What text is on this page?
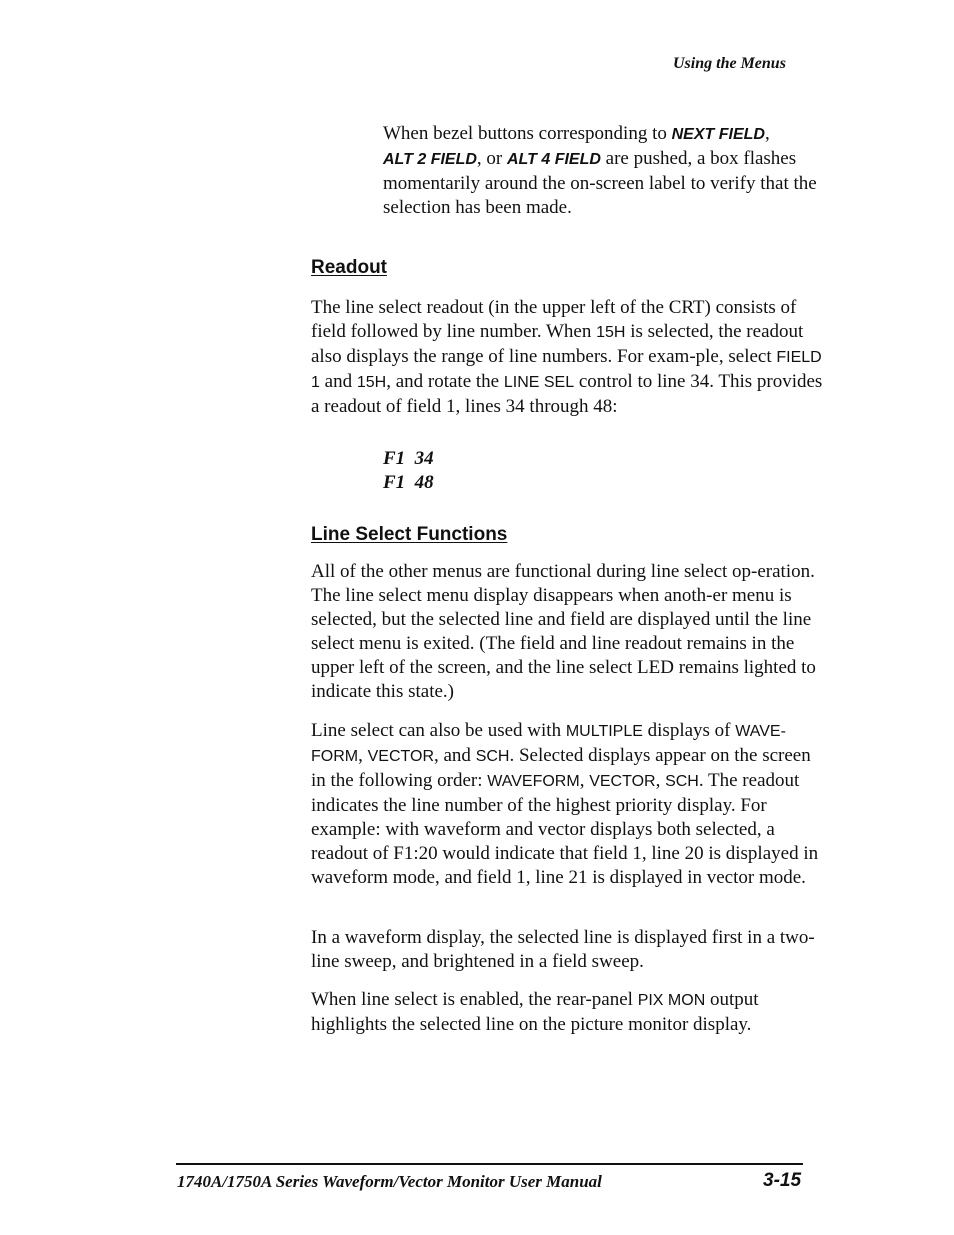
Using the Menus
When bezel buttons corresponding to NEXT FIELD,
ALT 2 FIELD, or ALT 4 FIELD are pushed, a box flashes momentarily around the on-screen label to verify that the selection has been made.
Readout
The line select readout (in the upper left of the CRT) consists of field followed by line number. When 15H is selected, the readout also displays the range of line numbers. For exam-ple, select FIELD 1 and 15H, and rotate the LINE SEL control to line 34. This provides a readout of field 1, lines 34 through 48:
F1  34
F1  48
Line Select Functions
All of the other menus are functional during line select op-eration. The line select menu display disappears when anoth-er menu is selected, but the selected line and field are displayed until the line select menu is exited. (The field and line readout remains in the upper left of the screen, and the line select LED remains lighted to indicate this state.)
Line select can also be used with MULTIPLE displays of WAVE-FORM, VECTOR, and SCH. Selected displays appear on the screen in the following order: WAVEFORM, VECTOR, SCH. The readout indicates the line number of the highest priority display. For example: with waveform and vector displays both selected, a readout of F1:20 would indicate that field 1, line 20 is displayed in waveform mode, and field 1, line 21 is displayed in vector mode.
In a waveform display, the selected line is displayed first in a two-line sweep, and brightened in a field sweep.
When line select is enabled, the rear-panel PIX MON output highlights the selected line on the picture monitor display.
1740A/1750A Series Waveform/Vector Monitor User Manual	3-15
